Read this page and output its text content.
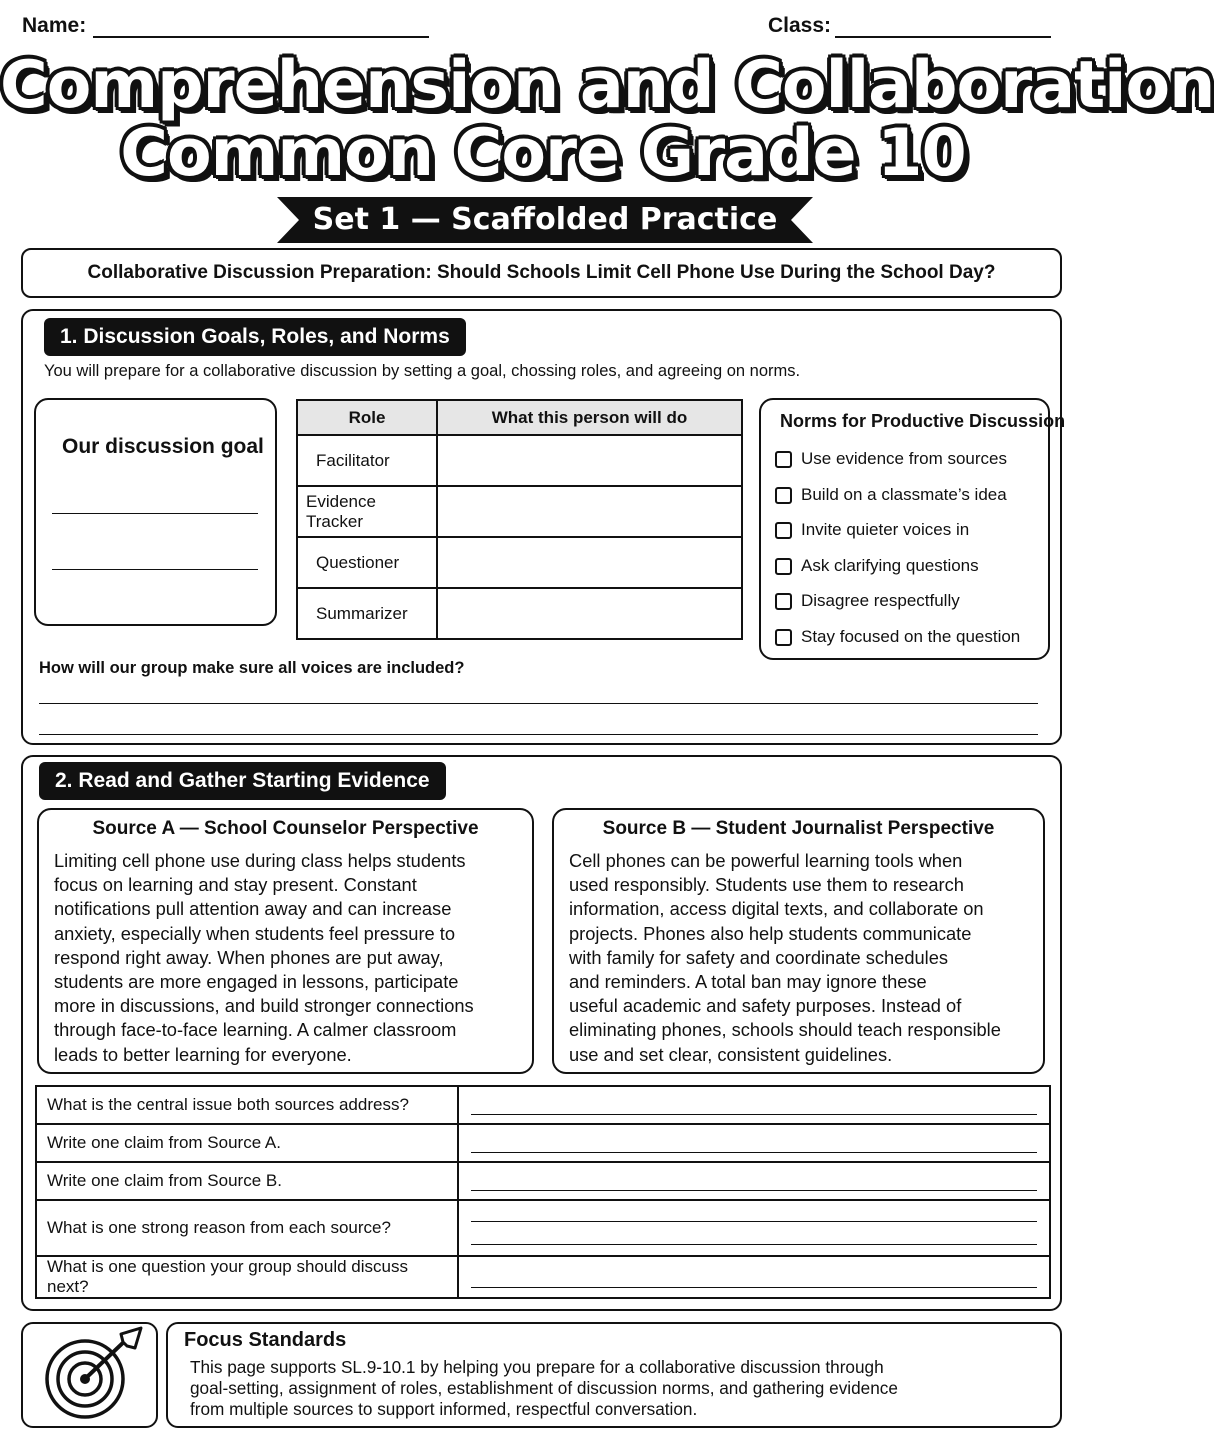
Name:	Class:
Comprehension and Collaboration
Common Core Grade 10
Set 1 — Scaffolded Practice
Collaborative Discussion Preparation: Should Schools Limit Cell Phone Use During the School Day?
1. Discussion Goals, Roles, and Norms
You will prepare for a collaborative discussion by setting a goal, chossing roles, and agreeing on norms.
Our discussion goal
Role	What this person will do
Facilitator	
Evidence Tracker	
Questioner	
Summarizer	
Norms for Productive Discussion
Use evidence from sources
Build on a classmate’s idea
Invite quieter voices in
Ask clarifying questions
Disagree respectfully
Stay focused on the question
How will our group make sure all voices are included?
2. Read and Gather Starting Evidence
Source A — School Counselor Perspective
Limiting cell phone use during class helps students
focus on learning and stay present. Constant
notifications pull attention away and can increase
anxiety, especially when students feel pressure to
respond right away. When phones are put away,
students are more engaged in lessons, participate
more in discussions, and build stronger connections
through face-to-face learning. A calmer classroom
leads to better learning for everyone.
Source B — Student Journalist Perspective
Cell phones can be powerful learning tools when
used responsibly. Students use them to research
information, access digital texts, and collaborate on
projects. Phones also help students communicate
with family for safety and coordinate schedules
and reminders. A total ban may ignore these
useful academic and safety purposes. Instead of
eliminating phones, schools should teach responsible
use and set clear, consistent guidelines.
What is the central issue both sources address?	

Write one claim from Source A.	

Write one claim from Source B.	

What is one strong reason from each source?	

What is one question your group should discuss next?	
Focus Standards
This page supports SL.9-10.1 by helping you prepare for a collaborative discussion through
goal-setting, assignment of roles, establishment of discussion norms, and gathering evidence
from multiple sources to support informed, respectful conversation.
